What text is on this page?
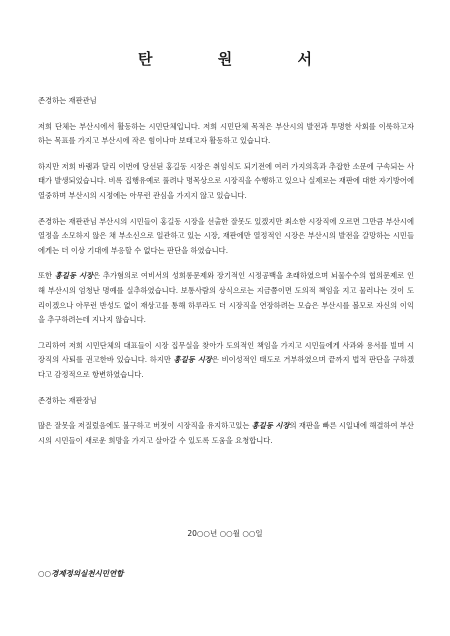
탄 원 서

존경하는 재판관님

저희 단체는 부산시에서 활동하는 시민단체입니다. 저희 시민단체 목적은 부산시의 발전과 투명한 사회를 이룩하고자 하는 목표를 가지고 부산시에 작은 힘이나마 보태고자 활동하고 있습니다.

하지만 저희 바램과 달리 이번에 당선된 홍길동 시장은 취임식도 되기전에 여러 가지의혹과 추잡한 소문에 구속되는 사태가 발생되었습니다. 비록 집행유예로 풀려나 명목상으로 시장직을 수행하고 있으나 실제로는 재판에 대한 자기방어에 열중하며 부산시의 시정에는 아무런 관심을 가지지 않고 있습니다.

존경하는 재판관님 부산시의 시민들이 홍길동 시장을 선출한 잘못도 있겠지만 최소한 시장직에 오르면 그만큼 부산시에 열정을 소모하지 않은 채 부소신으로 일관하고 있는 시장, 재판에만 열정적인 시장은 부산시의 발전을 갈망하는 시민들에게는 더 이상 기대에 부응할 수 없다는 판단을 하였습니다.

또한 홍길동 시장은 추가혐의로 여비서의 성희롱문제와 장기적인 시정공백을 초래하였으며 뇌물수수의 협의문제로 인해 부산시의 엄청난 명예를 실추하였습니다. 보통사람의 상식으로는 지금쯤이면 도의적 책임을 지고 물러나는 것이 도리이겠으나 아무런 반성도 없이 재상고를 통해 하루라도 더 시장직을 연장하려는 모습은 부산시를 볼모로 자신의 이익을 추구하려는데 지나지 않습니다.

그리하여 저희 시민단체의 대표들이 시장 집무실을 찾아가 도의적인 책임을 가지고 시민들에게 사과와 용서를 빌며 시장직의 사퇴를 권고한바 있습니다. 하지만 홍길동 시장은 비이성적인 태도로 거부하였으며 끝까지 법적 판단을 구하겠다고 감정적으로 항변하였습니다.

존경하는 재판장님

많은 잘못을 저질렀음에도 불구하고 버젓이 시장직을 유지하고있는 홍길동 시장의 재판을 빠른 시일내에 해결하여 부산시의 시민들이 새로운 희망을 가지고 살아갈 수 있도록 도움을 요청합니다.

20○○년 ○○월 ○○일
○○경제정의실천시민연합
